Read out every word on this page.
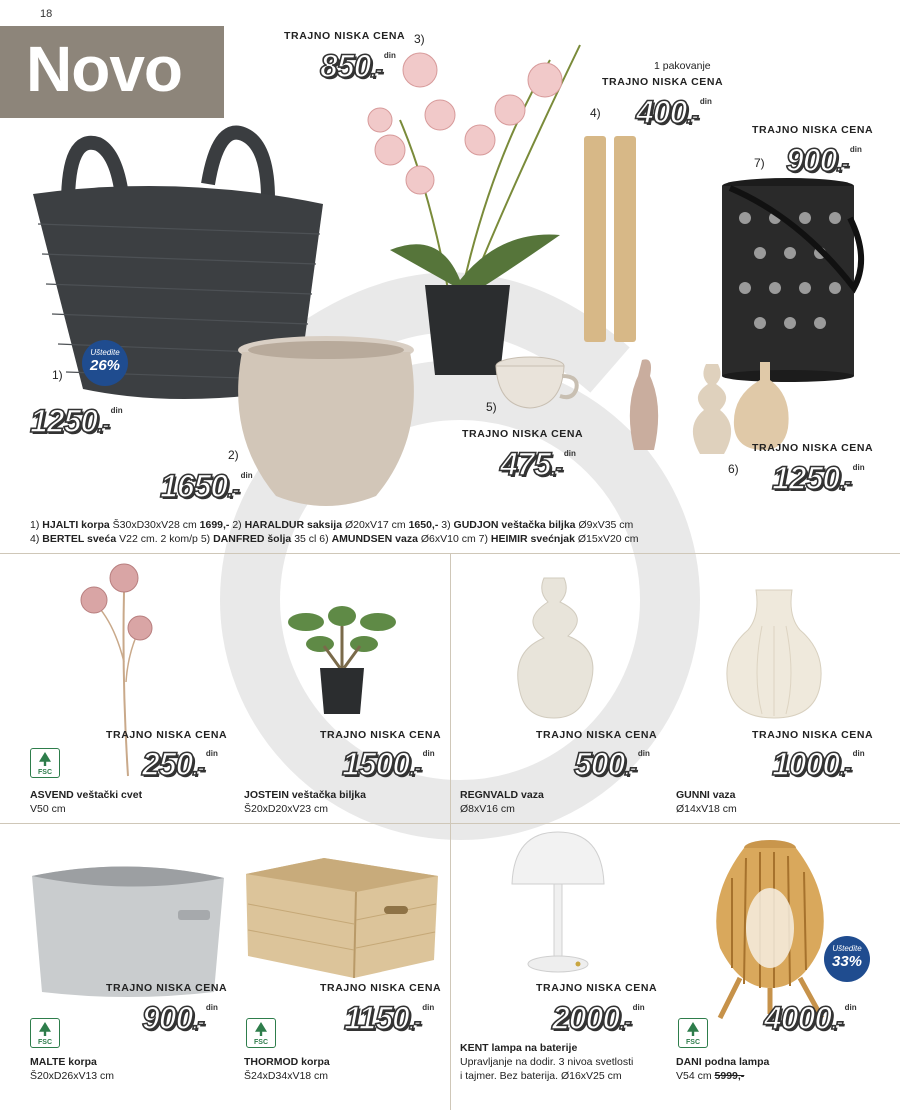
18
Novo
Uštedite
26%
1)
1250.-
din
2)
1650.-
din
TRAJNO NISKA CENA
850.-
din
3)
1 pakovanje
TRAJNO NISKA CENA
400.-
din
4)
5)
TRAJNO NISKA CENA
475.-
din
TRAJNO NISKA CENA
900.-
din
7)
6)
TRAJNO NISKA CENA
1250.-
din
1) HJALTI korpa Š30xD30xV28 cm 1699,- 2) HARALDUR saksija Ø20xV17 cm 1650,- 3) GUDJON veštačka biljka Ø9xV35 cm
4) BERTEL sveća V22 cm. 2 kom/p 5) DANFRED šolja 35 cl 6) AMUNDSEN vaza Ø6xV10 cm 7) HEIMIR svećnjak Ø15xV20 cm
TRAJNO NISKA CENA
250.-
din
FSC
ASVEND veštački cvet
V50 cm
TRAJNO NISKA CENA
1500.-
din
JOSTEIN veštačka biljka
Š20xD20xV23 cm
TRAJNO NISKA CENA
500.-
din
REGNVALD vaza
Ø8xV16 cm
TRAJNO NISKA CENA
1000.-
din
GUNNI vaza
Ø14xV18 cm
TRAJNO NISKA CENA
900.-
din
FSC
MALTE korpa
Š20xD26xV13 cm
TRAJNO NISKA CENA
1150.-
din
FSC
THORMOD korpa
Š24xD34xV18 cm
TRAJNO NISKA CENA
2000.-
din
KENT lampa na baterije
Upravljanje na dodir. 3 nivoa svetlosti
i tajmer. Bez baterija. Ø16xV25 cm
Uštedite
33%
4000.-
din
FSC
DANI podna lampa
V54 cm 5999,-
